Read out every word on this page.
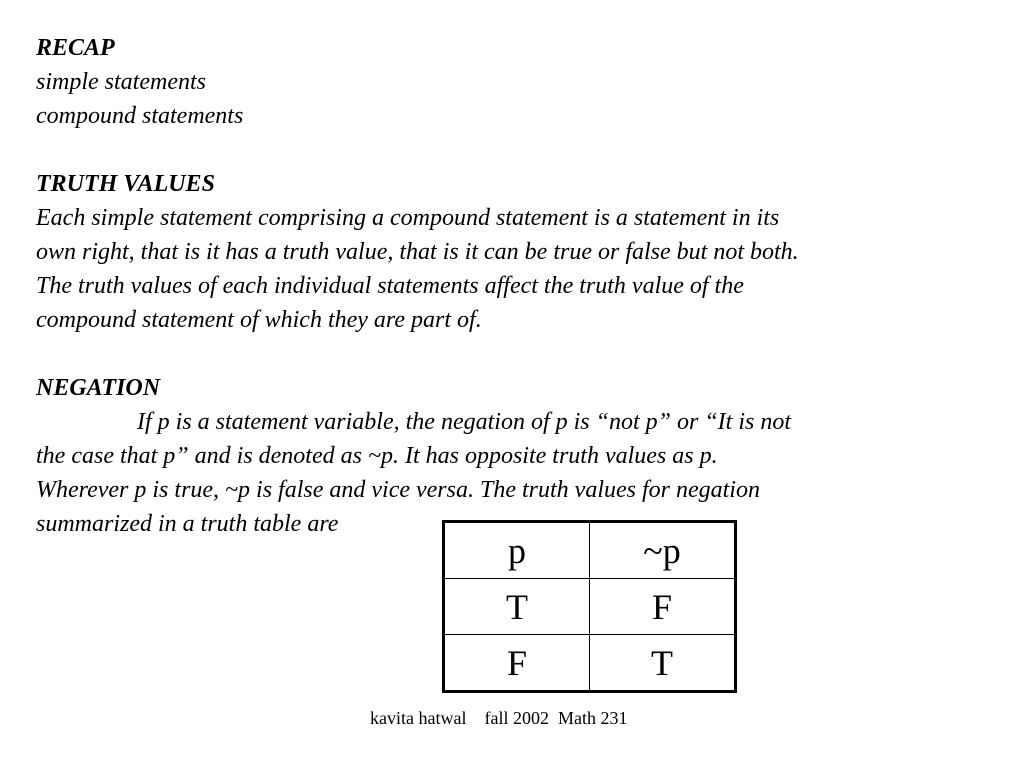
RECAP
simple statements
compound statements
TRUTH VALUES
Each simple statement comprising a compound statement is a statement in its
own right, that is it has a truth value, that is it can be true or false but not both.
The truth values of each individual statements affect the truth value of the
compound statement of which they are part of.
NEGATION
If p is a statement variable, the negation of p is “not p” or “It is not
the case that p” and is denoted as ~p. It has opposite truth values as p.
Wherever p is true, ~p is false and vice versa. The truth values for negation
summarized in a truth table are
p	~p
T	F
F	T
kavita hatwal    fall 2002  Math 231
